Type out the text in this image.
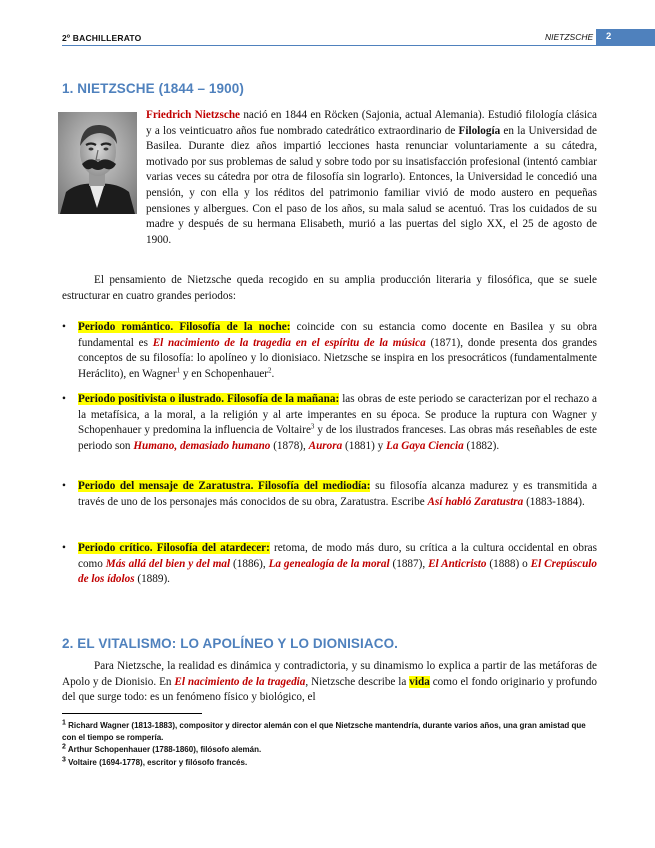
2º BACHILLERATO	NIETZSCHE	2
1. NIETZSCHE (1844 – 1900)
Friedrich Nietzsche nació en 1844 en Röcken (Sajonia, actual Alemania). Estudió filología clásica y a los veinticuatro años fue nombrado catedrático extraordinario de Filología en la Universidad de Basilea. Durante diez años impartió lecciones hasta renunciar voluntariamente a su cátedra, motivado por sus problemas de salud y sobre todo por su insatisfacción profesional (intentó cambiar varias veces su cátedra por otra de filosofía sin lograrlo). Entonces, la Universidad le concedió una pensión, y con ella y los réditos del patrimonio familiar vivió de modo austero en pequeñas pensiones y albergues. Con el paso de los años, su mala salud se acentuó. Tras los cuidados de su madre y después de su hermana Elisabeth, murió a las puertas del siglo XX, el 25 de agosto de 1900.
El pensamiento de Nietzsche queda recogido en su amplia producción literaria y filosófica, que se suele estructurar en cuatro grandes periodos:
•	Periodo romántico. Filosofía de la noche: coincide con su estancia como docente en Basilea y su obra fundamental es El nacimiento de la tragedia en el espíritu de la música (1871), donde presenta dos grandes conceptos de su filosofía: lo apolíneo y lo dionisiaco. Nietzsche se inspira en los presocráticos (fundamentalmente Heráclito), en Wagner$^1$ y en Schopenhauer$^2$.
•	Periodo positivista o ilustrado. Filosofía de la mañana: las obras de este periodo se caracterizan por el rechazo a la metafísica, a la moral, a la religión y al arte imperantes en su época. Se produce la ruptura con Wagner y Schopenhauer y predomina la influencia de Voltaire$^3$ y de los ilustrados franceses. Las obras más reseñables de este periodo son Humano, demasiado humano (1878), Aurora (1881) y La Gaya Ciencia (1882).
•	Periodo del mensaje de Zaratustra. Filosofía del mediodía: su filosofía alcanza madurez y es transmitida a través de uno de los personajes más conocidos de su obra, Zaratustra. Escribe Así habló Zaratustra (1883-1884).
•	Periodo crítico. Filosofía del atardecer: retoma, de modo más duro, su crítica a la cultura occidental en obras como Más allá del bien y del mal (1886), La genealogía de la moral (1887), El Anticristo (1888) o El Crepúsculo de los ídolos (1889).
2. EL VITALISMO: LO APOLÍNEO Y LO DIONISIACO.
Para Nietzsche, la realidad es dinámica y contradictoria, y su dinamismo lo explica a partir de las metáforas de Apolo y de Dionisio. En El nacimiento de la tragedia, Nietzsche describe la vida como el fondo originario y profundo del que surge todo: es un fenómeno físico y biológico, el
$^1$ Richard Wagner (1813-1883), compositor y director alemán con el que Nietzsche mantendría, durante varios años, una gran amistad que con el tiempo se rompería.
$^2$ Arthur Schopenhauer (1788-1860), filósofo alemán.
$^3$ Voltaire (1694-1778), escritor y filósofo francés.
